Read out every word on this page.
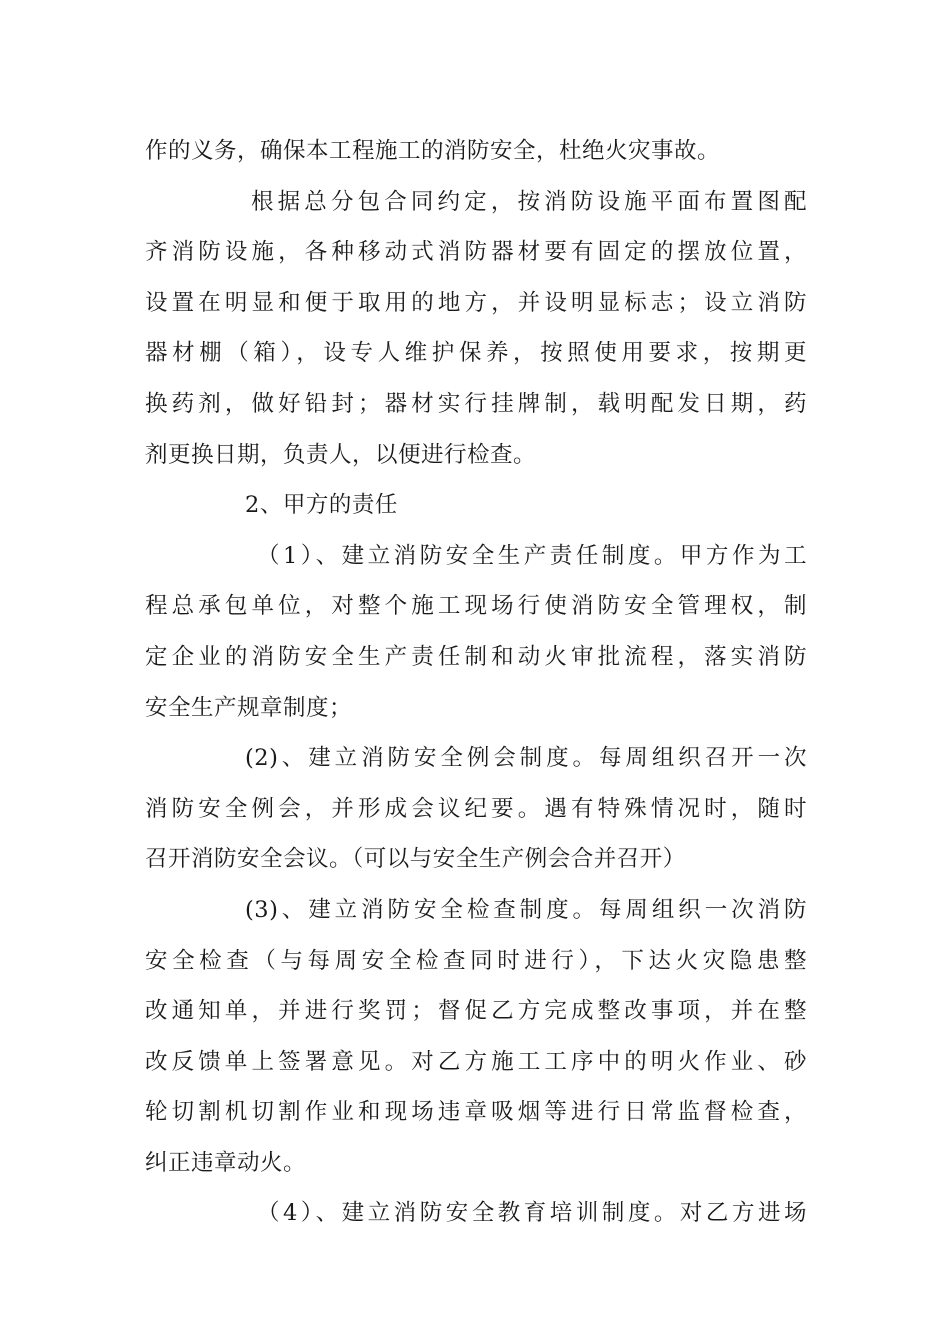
作的义务，确保本工程施工的消防安全，杜绝火灾事故。
根据总分包合同约定，按消防设施平面布置图配
齐消防设施，各种移动式消防器材要有固定的摆放位置，
设置在明显和便于取用的地方，并设明显标志；设立消防
器材棚（箱），设专人维护保养，按照使用要求，按期更
换药剂，做好铅封；器材实行挂牌制，载明配发日期，药
剂更换日期，负责人，以便进行检查。
2、甲方的责任
（1）、建立消防安全生产责任制度。甲方作为工
程总承包单位，对整个施工现场行使消防安全管理权，制
定企业的消防安全生产责任制和动火审批流程，落实消防
安全生产规章制度；
(2)、建立消防安全例会制度。每周组织召开一次
消防安全例会，并形成会议纪要。遇有特殊情况时，随时
召开消防安全会议。（可以与安全生产例会合并召开）
(3)、建立消防安全检查制度。每周组织一次消防
安全检查（与每周安全检查同时进行），下达火灾隐患整
改通知单，并进行奖罚；督促乙方完成整改事项，并在整
改反馈单上签署意见。对乙方施工工序中的明火作业、砂
轮切割机切割作业和现场违章吸烟等进行日常监督检查，
纠正违章动火。
（4）、建立消防安全教育培训制度。对乙方进场
